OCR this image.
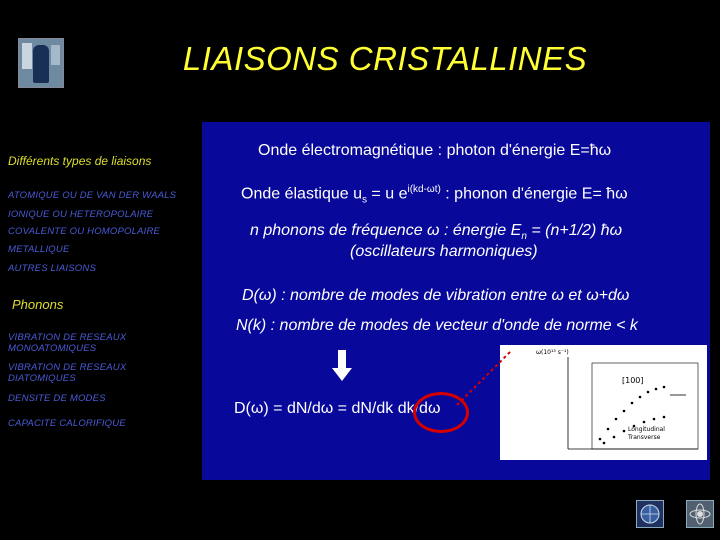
LIAISONS CRISTALLINES
Différents types de liaisons
ATOMIQUE OU DE VAN DER WAALS
IONIQUE OU HETEROPOLAIRE
COVALENTE OU HOMOPOLAIRE
METALLIQUE
AUTRES LIAISONS
Phonons
VIBRATION DE RESEAUX MONOATOMIQUES
VIBRATION DE RESEAUX DIATOMIQUES
DENSITE DE MODES
CAPACITE CALORIFIQUE
Onde électromagnétique : photon d'énergie E=ħω
Onde élastique $u_s = u$ $e^{i(kd-\omega t)}$ : phonon d'énergie E= ħω
n phonons de fréquence ω : énergie $E_n = (n+1/2)$ ħω
(oscillateurs harmoniques)
D(ω) : nombre de modes de vibration entre ω et ω+dω
N(k) : nombre de modes de vecteur d'onde de norme < k
D(ω) = dN/dω = dN/dk dk/dω
ω(10¹³ s⁻¹)
[100]
Longitudinal
Transverse
